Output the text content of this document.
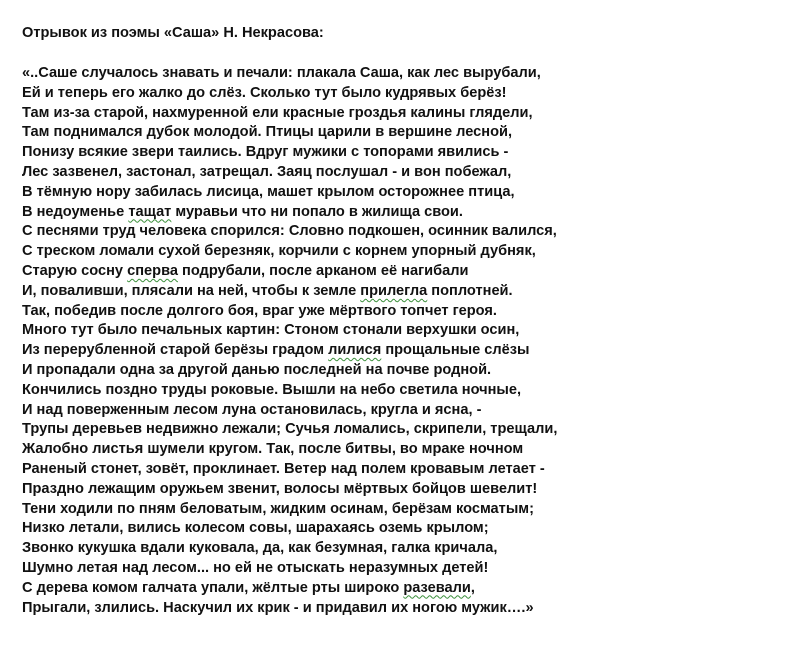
Отрывок из поэмы «Саша» Н. Некрасова:
«..Саше случалось знавать и печали: плакала Саша, как лес вырубали,
Ей и теперь его жалко до слёз. Сколько тут было кудрявых берёз!
Там из-за старой, нахмуренной ели красные гроздья калины глядели,
Там поднимался дубок молодой. Птицы царили в вершине лесной,
Понизу всякие звери таились. Вдруг мужики с топорами явились -
Лес зазвенел, застонал, затрещал. Заяц послушал - и вон побежал,
В тёмную нору забилась лисица, машет крылом осторожнее птица,
В недоуменье тащат муравьи что ни попало в жилища свои.
С песнями труд человека спорился: Словно подкошен, осинник валился,
С треском ломали сухой березняк, корчили с корнем упорный дубняк,
Старую сосну сперва подрубали, после арканом её нагибали
И, поваливши, плясали на ней, чтобы к земле прилегла поплотней.
Так, победив после долгого боя, враг уже мёртвого топчет героя.
Много тут было печальных картин: Стоном стонали верхушки осин,
Из перерубленной старой берёзы градом лилися прощальные слёзы
И пропадали одна за другой данью последней на почве родной.
Кончились поздно труды роковые. Вышли на небо светила ночные,
И над поверженным лесом луна остановилась, кругла и ясна, -
Трупы деревьев недвижно лежали; Сучья ломались, скрипели, трещали,
Жалобно листья шумели кругом. Так, после битвы, во мраке ночном
Раненый стонет, зовёт, проклинает. Ветер над полем кровавым летает -
Праздно лежащим оружьем звенит, волосы мёртвых бойцов шевелит!
Тени ходили по пням беловатым, жидким осинам, берёзам косматым;
Низко летали, вились колесом совы, шарахаясь оземь крылом;
Звонко кукушка вдали куковала, да, как безумная, галка кричала,
Шумно летая над лесом... но ей не отыскать неразумных детей!
С дерева комом галчата упали, жёлтые рты широко разевали,
Прыгали, злились. Наскучил их крик - и придавил их ногою мужик….»
